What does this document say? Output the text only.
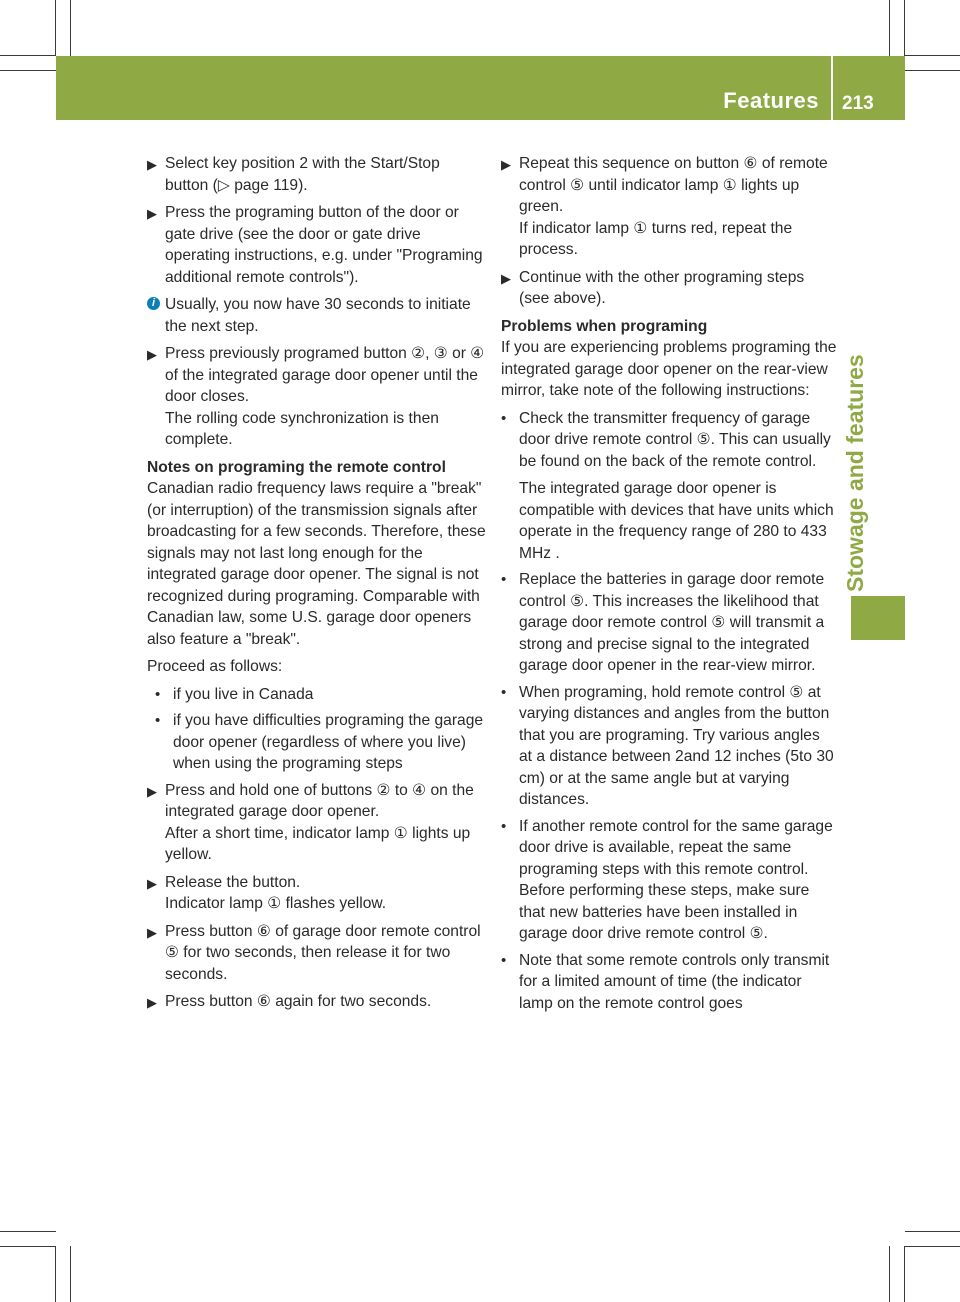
Features 213
Stowage and features
▶ Select key position 2 with the Start/Stop button (▷ page 119).

▶ Press the programing button of the door or gate drive (see the door or gate drive operating instructions, e.g. under "Programing additional remote controls").

i Usually, you now have 30 seconds to initiate the next step.

▶ Press previously programed button ②, ③ or ④ of the integrated garage door opener until the door closes.

The rolling code synchronization is then complete.

Notes on programing the remote control

Canadian radio frequency laws require a "break" (or interruption) of the transmission signals after broadcasting for a few seconds. Therefore, these signals may not last long enough for the integrated garage door opener. The signal is not recognized during programing. Comparable with Canadian law, some U.S. garage door openers also feature a "break".

Proceed as follows:

• if you live in Canada

• if you have difficulties programing the garage door opener (regardless of where you live) when using the programing steps

▶ Press and hold one of buttons ② to ④ on the integrated garage door opener.

After a short time, indicator lamp ① lights up yellow.

▶ Release the button.

Indicator lamp ① flashes yellow.

▶ Press button ⑥ of garage door remote control ⑤ for two seconds, then release it for two seconds.

▶ Press button ⑥ again for two seconds.

▶ Repeat this sequence on button ⑥ of remote control ⑤ until indicator lamp ① lights up green.

If indicator lamp ① turns red, repeat the process.

▶ Continue with the other programing steps (see above).

Problems when programing

If you are experiencing problems programing the integrated garage door opener on the rear-view mirror, take note of the following instructions:

• Check the transmitter frequency of garage door drive remote control ⑤. This can usually be found on the back of the remote control.

The integrated garage door opener is compatible with devices that have units which operate in the frequency range of 280 to 433 MHz .

• Replace the batteries in garage door remote control ⑤. This increases the likelihood that garage door remote control ⑤ will transmit a strong and precise signal to the integrated garage door opener in the rear-view mirror.

• When programing, hold remote control ⑤ at varying distances and angles from the button that you are programing. Try various angles at a distance between 2and 12 inches (5to 30 cm) or at the same angle but at varying distances.

• If another remote control for the same garage door drive is available, repeat the same programing steps with this remote control. Before performing these steps, make sure that new batteries have been installed in garage door drive remote control ⑤.

• Note that some remote controls only transmit for a limited amount of time (the indicator lamp on the remote control goes
